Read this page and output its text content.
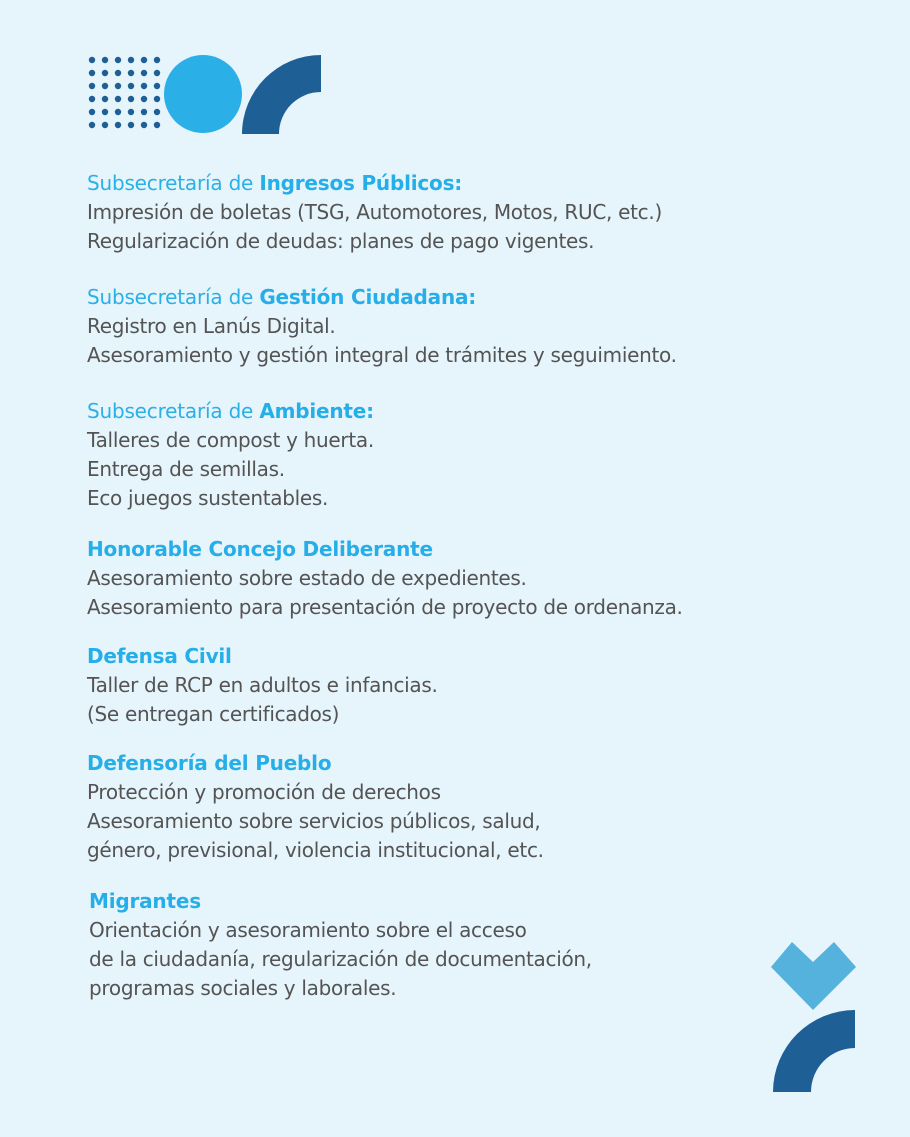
Subsecretaría de Ingresos Públicos:
Impresión de boletas (TSG, Automotores, Motos, RUC, etc.)
Regularización de deudas: planes de pago vigentes.
Subsecretaría de Gestión Ciudadana:
Registro en Lanús Digital.
Asesoramiento y gestión integral de trámites y seguimiento.
Subsecretaría de Ambiente:
Talleres de compost y huerta.
Entrega de semillas.
Eco juegos sustentables.
Honorable Concejo Deliberante
Asesoramiento sobre estado de expedientes.
Asesoramiento para presentación de proyecto de ordenanza.
Defensa Civil
Taller de RCP en adultos e infancias.
(Se entregan certificados)
Defensoría del Pueblo
Protección y promoción de derechos
Asesoramiento sobre servicios públicos, salud,
género, previsional, violencia institucional, etc.
Migrantes
Orientación y asesoramiento sobre el acceso
de la ciudadanía, regularización de documentación,
programas sociales y laborales.
